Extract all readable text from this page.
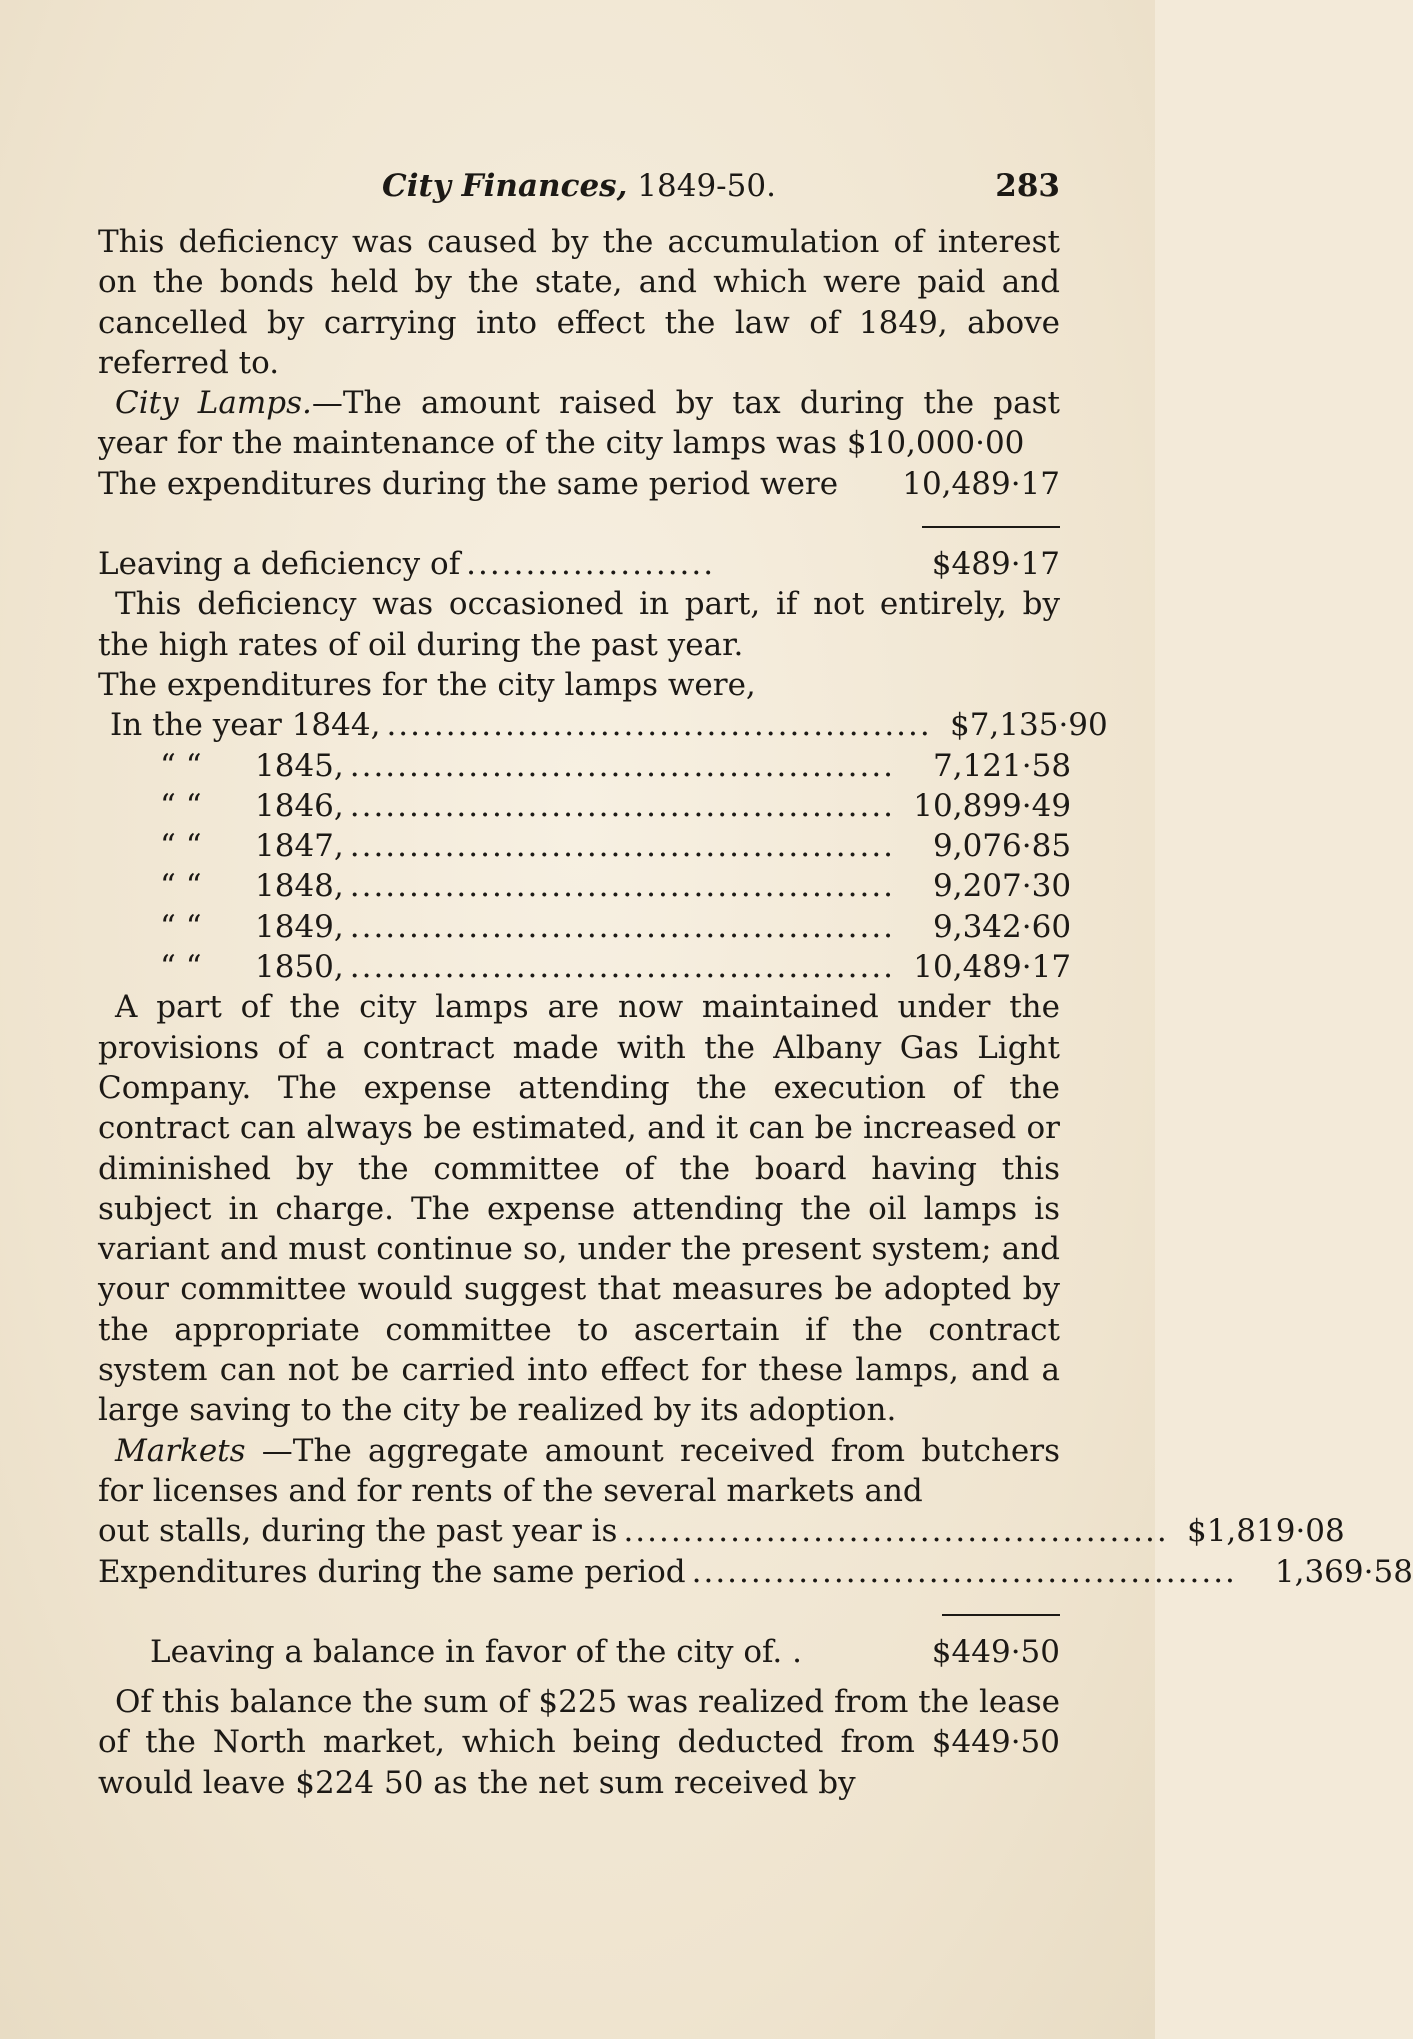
City Finances, 1849-50.	283

This deficiency was caused by the accumulation of interest on the bonds held by the state, and which were paid and cancelled by carrying into effect the law of 1849, above referred to.

City Lamps.—The amount raised by tax during the past year for the maintenance of the city lamps was $10,000·00

The expenditures during the same period were	10,489·17
Leaving a deficiency of .....................	$489·17

This deficiency was occasioned in part, if not entirely, by the high rates of oil during the past year.

The expenditures for the city lamps were,

In the year 1844, .............................................. $7,135·90
“ “	1845, ..............................................	7,121·58
“ “	1846, .............................................. 10,899·49
“ “	1847, ..............................................	9,076·85
“ “	1848, ..............................................	9,207·30
“ “	1849, ..............................................	9,342·60
“ “	1850, .............................................. 10,489·17

A part of the city lamps are now maintained under the provisions of a contract made with the Albany Gas Light Company. The expense attending the execution of the contract can always be estimated, and it can be increased or diminished by the committee of the board having this subject in charge. The expense attending the oil lamps is variant and must continue so, under the present system; and your committee would suggest that measures be adopted by the appropriate committee to ascertain if the contract system can not be carried into effect for these lamps, and a large saving to the city be realized by its adoption.

Markets —The aggregate amount received from butchers for licenses and for rents of the several markets and

out stalls, during the past year is .............................................. $1,819·08
Expenditures during the same period ..............................................	1,369·58
Leaving a balance in favor of the city of. .	$449·50

Of this balance the sum of $225 was realized from the lease of the North market, which being deducted from $449·50 would leave $224 50 as the net sum received by
